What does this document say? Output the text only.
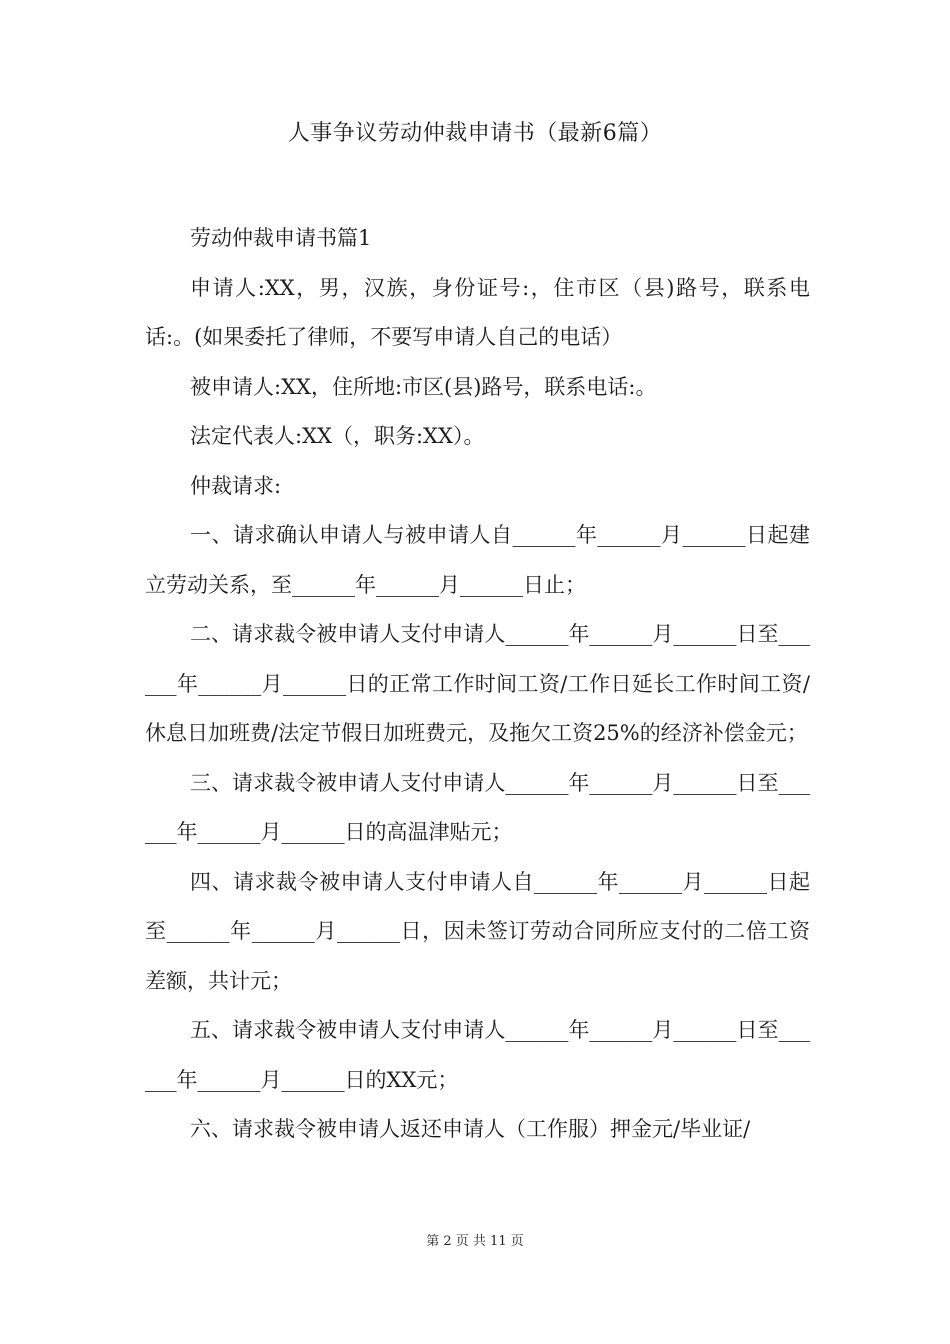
人事争议劳动仲裁申请书（最新6篇）

劳动仲裁申请书篇1

申请人:XX，男，汉族，身份证号:，住市区（县)路号，联系电话:。(如果委托了律师，不要写申请人自己的电话）

被申请人:XX，住所地:市区(县)路号，联系电话:。

法定代表人:XX（，职务:XX）。

仲裁请求:

一、请求确认申请人与被申请人自______年______月______日起建立劳动关系，至______年______月______日止；

二、请求裁令被申请人支付申请人______年______月______日至______年______月______日的正常工作时间工资/工作日延长工作时间工资/休息日加班费/法定节假日加班费元，及拖欠工资25%的经济补偿金元；

三、请求裁令被申请人支付申请人______年______月______日至______年______月______日的高温津贴元；

四、请求裁令被申请人支付申请人自______年______月______日起至______年______月______日，因未签订劳动合同所应支付的二倍工资差额，共计元；

五、请求裁令被申请人支付申请人______年______月______日至______年______月______日的XX元；

六、请求裁令被申请人返还申请人（工作服）押金元/毕业证/

第 2 页 共 11 页
